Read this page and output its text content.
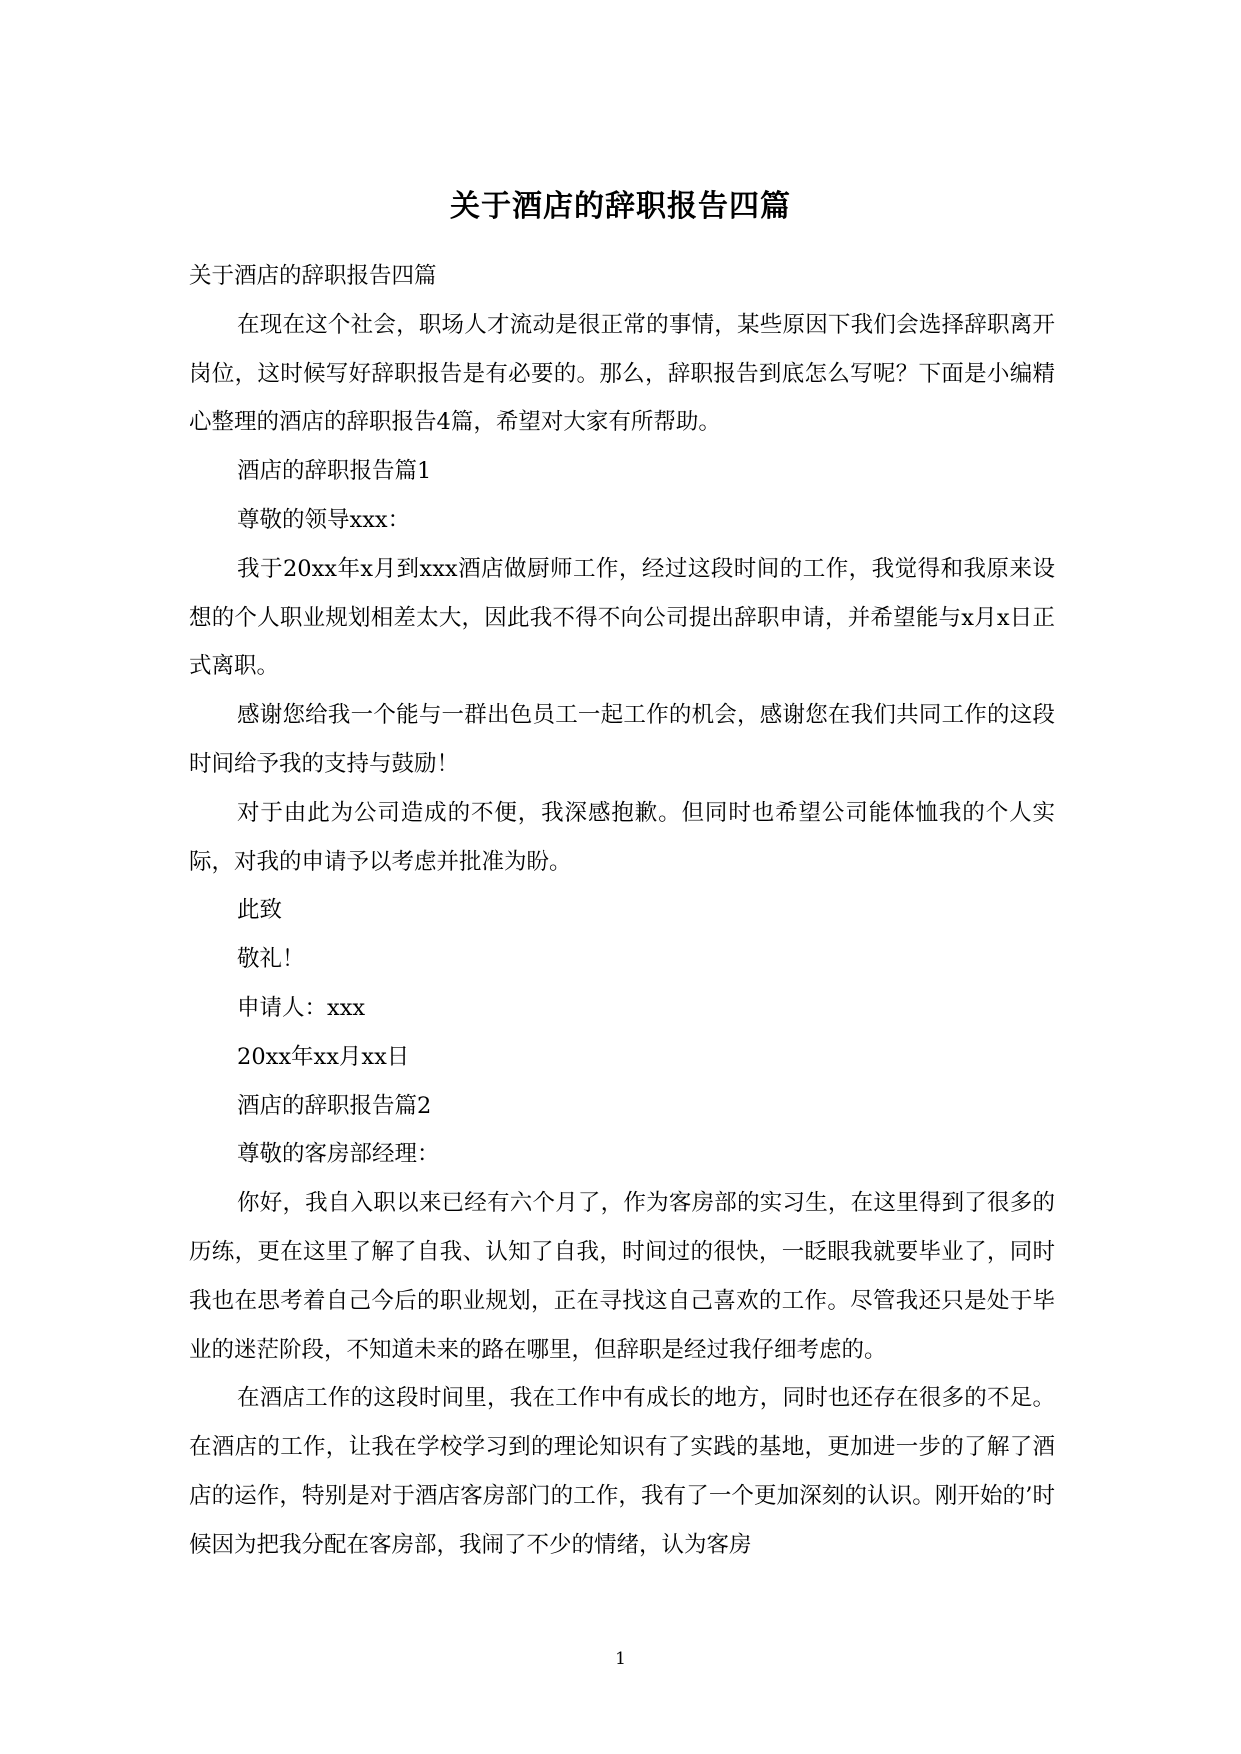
关于酒店的辞职报告四篇

关于酒店的辞职报告四篇

在现在这个社会，职场人才流动是很正常的事情，某些原因下我们会选择辞职离开岗位，这时候写好辞职报告是有必要的。那么，辞职报告到底怎么写呢？下面是小编精心整理的酒店的辞职报告4篇，希望对大家有所帮助。

酒店的辞职报告篇1

尊敬的领导xxx：

我于20xx年x月到xxx酒店做厨师工作，经过这段时间的工作，我觉得和我原来设想的个人职业规划相差太大，因此我不得不向公司提出辞职申请，并希望能与x月x日正式离职。

感谢您给我一个能与一群出色员工一起工作的机会，感谢您在我们共同工作的这段时间给予我的支持与鼓励！

对于由此为公司造成的不便，我深感抱歉。但同时也希望公司能体恤我的个人实际，对我的申请予以考虑并批准为盼。

此致

敬礼！

申请人：xxx

20xx年xx月xx日

酒店的辞职报告篇2

尊敬的客房部经理：

你好，我自入职以来已经有六个月了，作为客房部的实习生，在这里得到了很多的历练，更在这里了解了自我、认知了自我，时间过的很快，一眨眼我就要毕业了，同时我也在思考着自己今后的职业规划，正在寻找这自己喜欢的工作。尽管我还只是处于毕业的迷茫阶段，不知道未来的路在哪里，但辞职是经过我仔细考虑的。

在酒店工作的这段时间里，我在工作中有成长的地方，同时也还存在很多的不足。在酒店的工作，让我在学校学习到的理论知识有了实践的基地，更加进一步的了解了酒店的运作，特别是对于酒店客房部门的工作，我有了一个更加深刻的认识。刚开始的’时候因为把我分配在客房部，我闹了不少的情绪，认为客房

1
